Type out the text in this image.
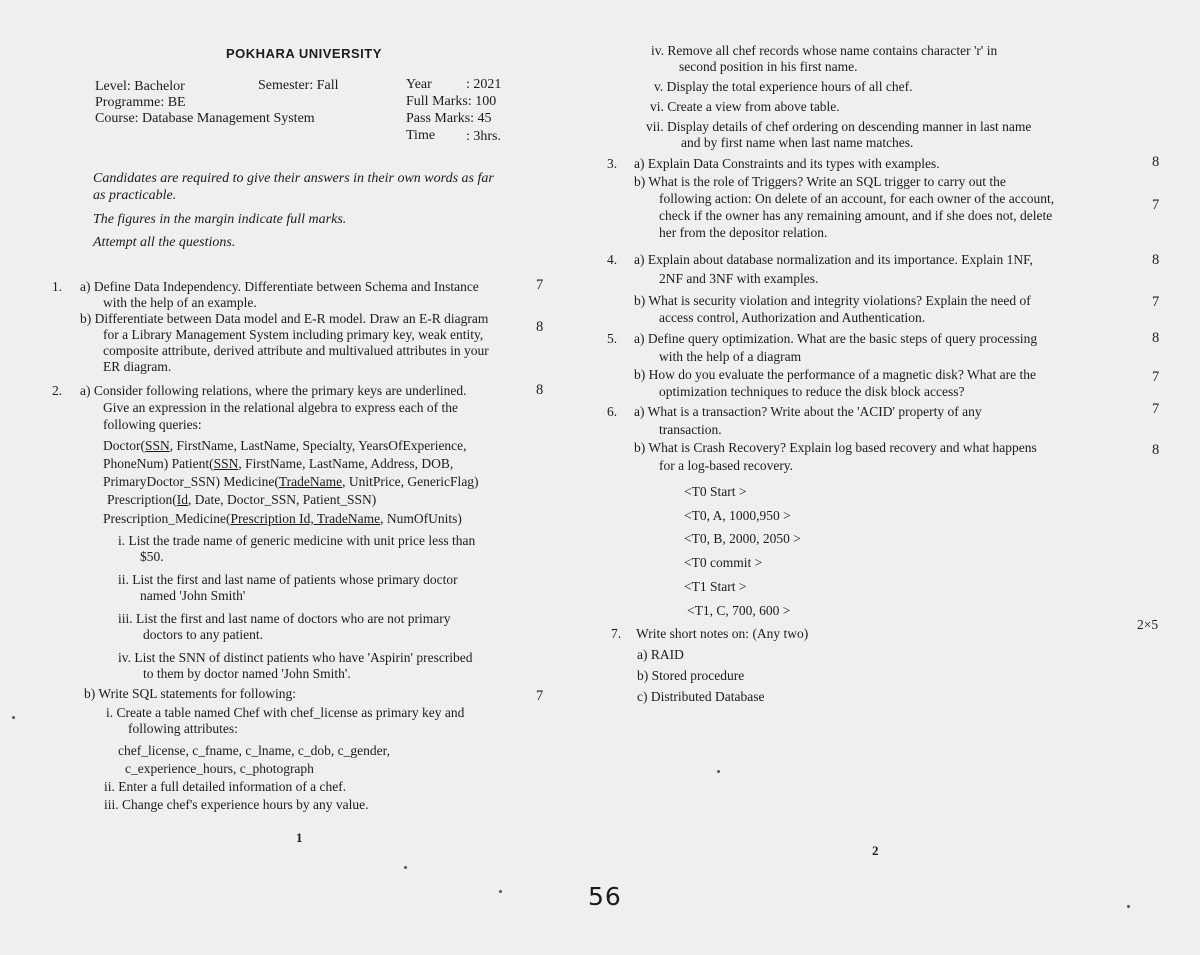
POKHARA UNIVERSITY
Level: Bachelor	Semester: Fall
Programme: BE
Course: Database Management System
Year : 2021
Full Marks: 100
Pass Marks: 45
Time : 3hrs.
Candidates are required to give their answers in their own words as far
as practicable.
The figures in the margin indicate full marks.
Attempt all the questions.
1. a) Define Data Independency. Differentiate between Schema and Instance
with the help of an example.
7
b) Differentiate between Data model and E-R model. Draw an E-R diagram
for a Library Management System including primary key, weak entity,
composite attribute, derived attribute and multivalued attributes in your
ER diagram.
8
2. a) Consider following relations, where the primary keys are underlined.
Give an expression in the relational algebra to express each of the
following queries:
8
Doctor(SSN, FirstName, LastName, Specialty, YearsOfExperience,
PhoneNum) Patient(SSN, FirstName, LastName, Address, DOB,
PrimaryDoctor_SSN) Medicine(TradeName, UnitPrice, GenericFlag)
Prescription(Id, Date, Doctor_SSN, Patient_SSN)
Prescription_Medicine(Prescription Id, TradeName, NumOfUnits)
i. List the trade name of generic medicine with unit price less than
$50.
ii. List the first and last name of patients whose primary doctor
named 'John Smith'
iii. List the first and last name of doctors who are not primary
doctors to any patient.
iv. List the SNN of distinct patients who have 'Aspirin' prescribed
to them by doctor named 'John Smith'.
b) Write SQL statements for following:	7
i. Create a table named Chef with chef_license as primary key and
following attributes:
chef_license, c_fname, c_lname, c_dob, c_gender,
c_experience_hours, c_photograph
ii. Enter a full detailed information of a chef.
iii. Change chef's experience hours by any value.
1
iv. Remove all chef records whose name contains character 'r' in
second position in his first name.
v. Display the total experience hours of all chef.
vi. Create a view from above table.
vii. Display details of chef ordering on descending manner in last name
and by first name when last name matches.
3. a) Explain Data Constraints and its types with examples.	8
b) What is the role of Triggers? Write an SQL trigger to carry out the
following action: On delete of an account, for each owner of the account,
check if the owner has any remaining amount, and if she does not, delete
her from the depositor relation.
7
4. a) Explain about database normalization and its importance. Explain 1NF,
2NF and 3NF with examples.
8
b) What is security violation and integrity violations? Explain the need of
access control, Authorization and Authentication.
7
5. a) Define query optimization. What are the basic steps of query processing
with the help of a diagram
8
b) How do you evaluate the performance of a magnetic disk? What are the
optimization techniques to reduce the disk block access?
7
6. a) What is a transaction? Write about the 'ACID' property of any
transaction.
7
b) What is Crash Recovery? Explain log based recovery and what happens
for a log-based recovery.
8
<T0 Start >
<T0, A, 1000,950 >
<T0, B, 2000, 2050 >
<T0 commit >
<T1 Start >
<T1, C, 700, 600 >
7. Write short notes on: (Any two)
2×5
a) RAID
b) Stored procedure
c) Distributed Database
2
56
